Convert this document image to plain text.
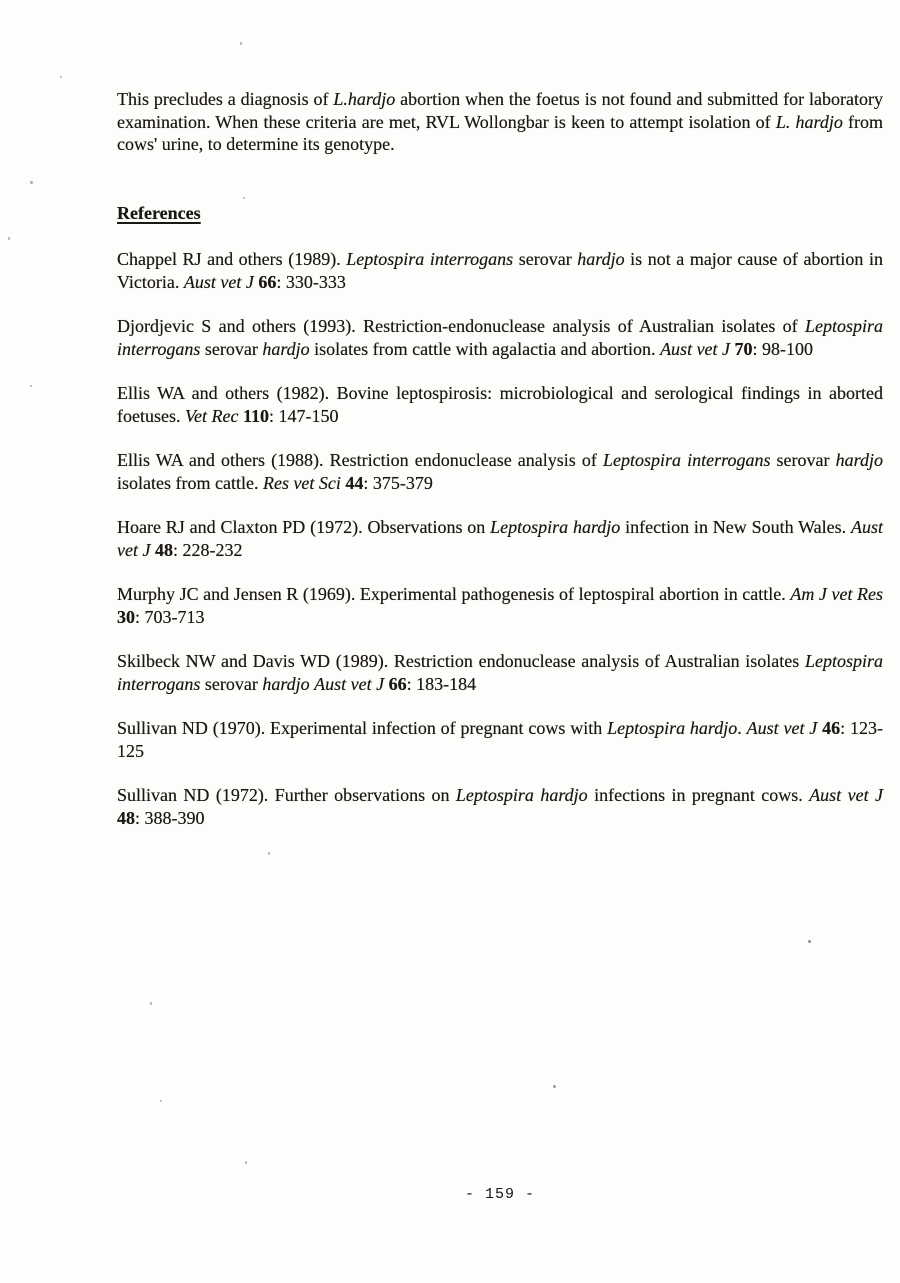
This precludes a diagnosis of L.hardjo abortion when the foetus is not found and submitted for laboratory examination. When these criteria are met, RVL Wollongbar is keen to attempt isolation of L. hardjo from cows' urine, to determine its genotype.

References

Chappel RJ and others (1989). Leptospira interrogans serovar hardjo is not a major cause of abortion in Victoria. Aust vet J 66: 330-333

Djordjevic S and others (1993). Restriction-endonuclease analysis of Australian isolates of Leptospira interrogans serovar hardjo isolates from cattle with agalactia and abortion. Aust vet J 70: 98-100

Ellis WA and others (1982). Bovine leptospirosis: microbiological and serological findings in aborted foetuses. Vet Rec 110: 147-150

Ellis WA and others (1988). Restriction endonuclease analysis of Leptospira interrogans serovar hardjo isolates from cattle. Res vet Sci 44: 375-379

Hoare RJ and Claxton PD (1972). Observations on Leptospira hardjo infection in New South Wales. Aust vet J 48: 228-232

Murphy JC and Jensen R (1969). Experimental pathogenesis of leptospiral abortion in cattle. Am J vet Res 30: 703-713

Skilbeck NW and Davis WD (1989). Restriction endonuclease analysis of Australian isolates Leptospira interrogans serovar hardjo Aust vet J 66: 183-184

Sullivan ND (1970). Experimental infection of pregnant cows with Leptospira hardjo. Aust vet J 46: 123-125

Sullivan ND (1972). Further observations on Leptospira hardjo infections in pregnant cows. Aust vet J 48: 388-390

- 159 -
